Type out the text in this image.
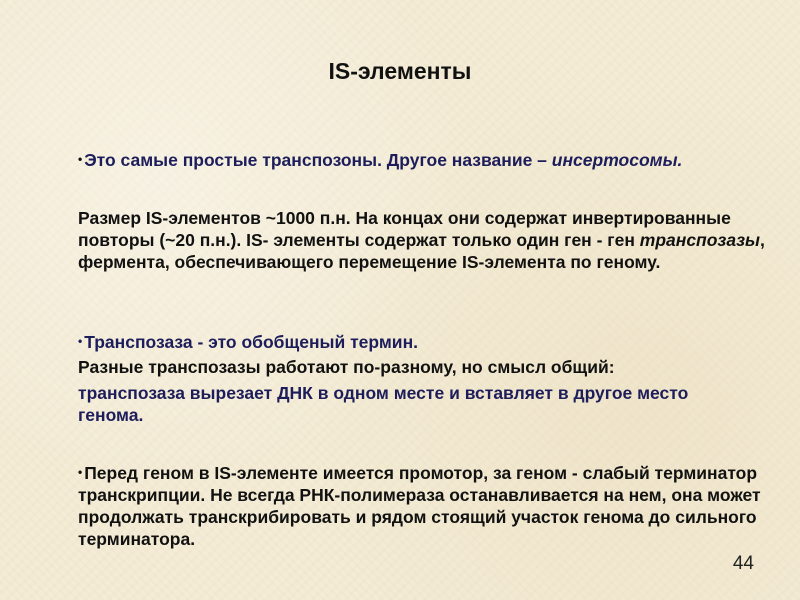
IS-элементы
• Это самые простые транспозоны. Другое название – инсертосомы.
Размер IS-элементов ~1000 п.н. На концах они содержат инвертированные повторы (~20 п.н.). IS- элементы содержат только один ген - ген транспозазы, фермента, обеспечивающего перемещение IS-элемента по геному.
• Транспозаза - это обобщеный термин.
Разные транспозазы работают по-разному, но смысл общий:
транспозаза вырезает ДНК в одном месте и вставляет в другое место генома.
• Перед геном в IS-элементе имеется промотор, за геном - слабый терминатор транскрипции. Не всегда РНК-полимераза останавливается на нем, она может продолжать транскрибировать и рядом стоящий участок генома до сильного терминатора.
44
